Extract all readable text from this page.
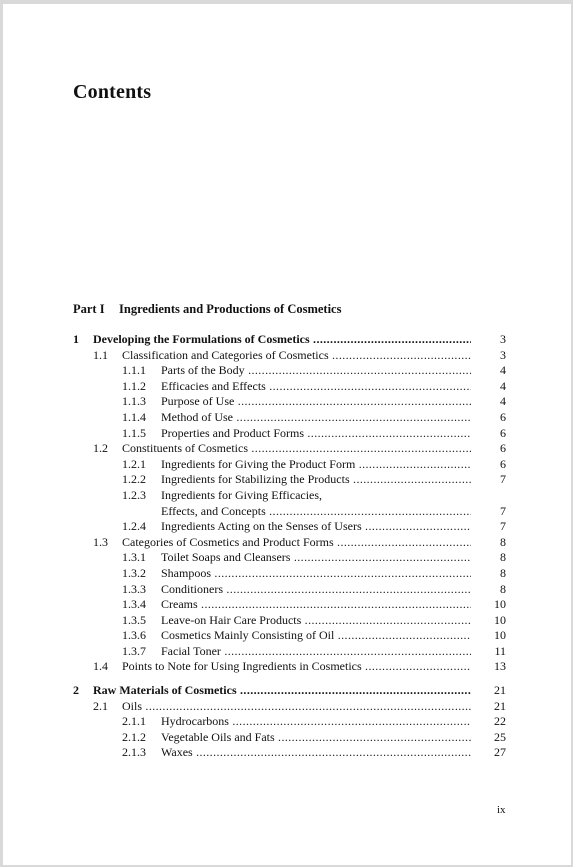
Contents
Part I Ingredients and Productions of Cosmetics
1 Developing the Formulations of Cosmetics .....	3
1.1 Classification and Categories of Cosmetics .....	3
1.1.1 Parts of the Body .....	4
1.1.2 Efficacies and Effects .....	4
1.1.3 Purpose of Use .....	4
1.1.4 Method of Use .....	6
1.1.5 Properties and Product Forms .....	6
1.2 Constituents of Cosmetics .....	6
1.2.1 Ingredients for Giving the Product Form .....	6
1.2.2 Ingredients for Stabilizing the Products .....	7
1.2.3 Ingredients for Giving Efficacies,
Effects, and Concepts .....	7
1.2.4 Ingredients Acting on the Senses of Users .....	7
1.3 Categories of Cosmetics and Product Forms .....	8
1.3.1 Toilet Soaps and Cleansers .....	8
1.3.2 Shampoos .....	8
1.3.3 Conditioners .....	8
1.3.4 Creams .....	10
1.3.5 Leave-on Hair Care Products .....	10
1.3.6 Cosmetics Mainly Consisting of Oil .....	10
1.3.7 Facial Toner .....	11
1.4 Points to Note for Using Ingredients in Cosmetics .....	13
2 Raw Materials of Cosmetics .....	21
2.1 Oils .....	21
2.1.1 Hydrocarbons .....	22
2.1.2 Vegetable Oils and Fats .....	25
2.1.3 Waxes .....	27
ix
